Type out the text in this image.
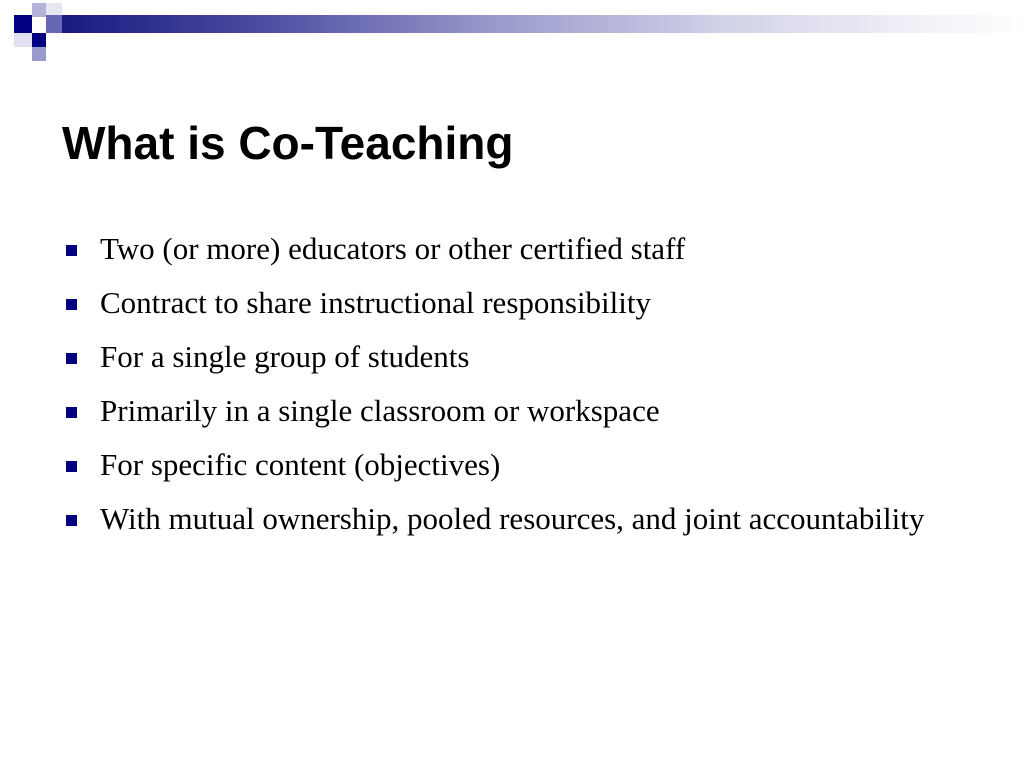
What is Co-Teaching
Two (or more) educators or other certified staff
Contract to share instructional responsibility
For a single group of students
Primarily in a single classroom or workspace
For specific content (objectives)
With mutual ownership, pooled resources, and joint accountability
